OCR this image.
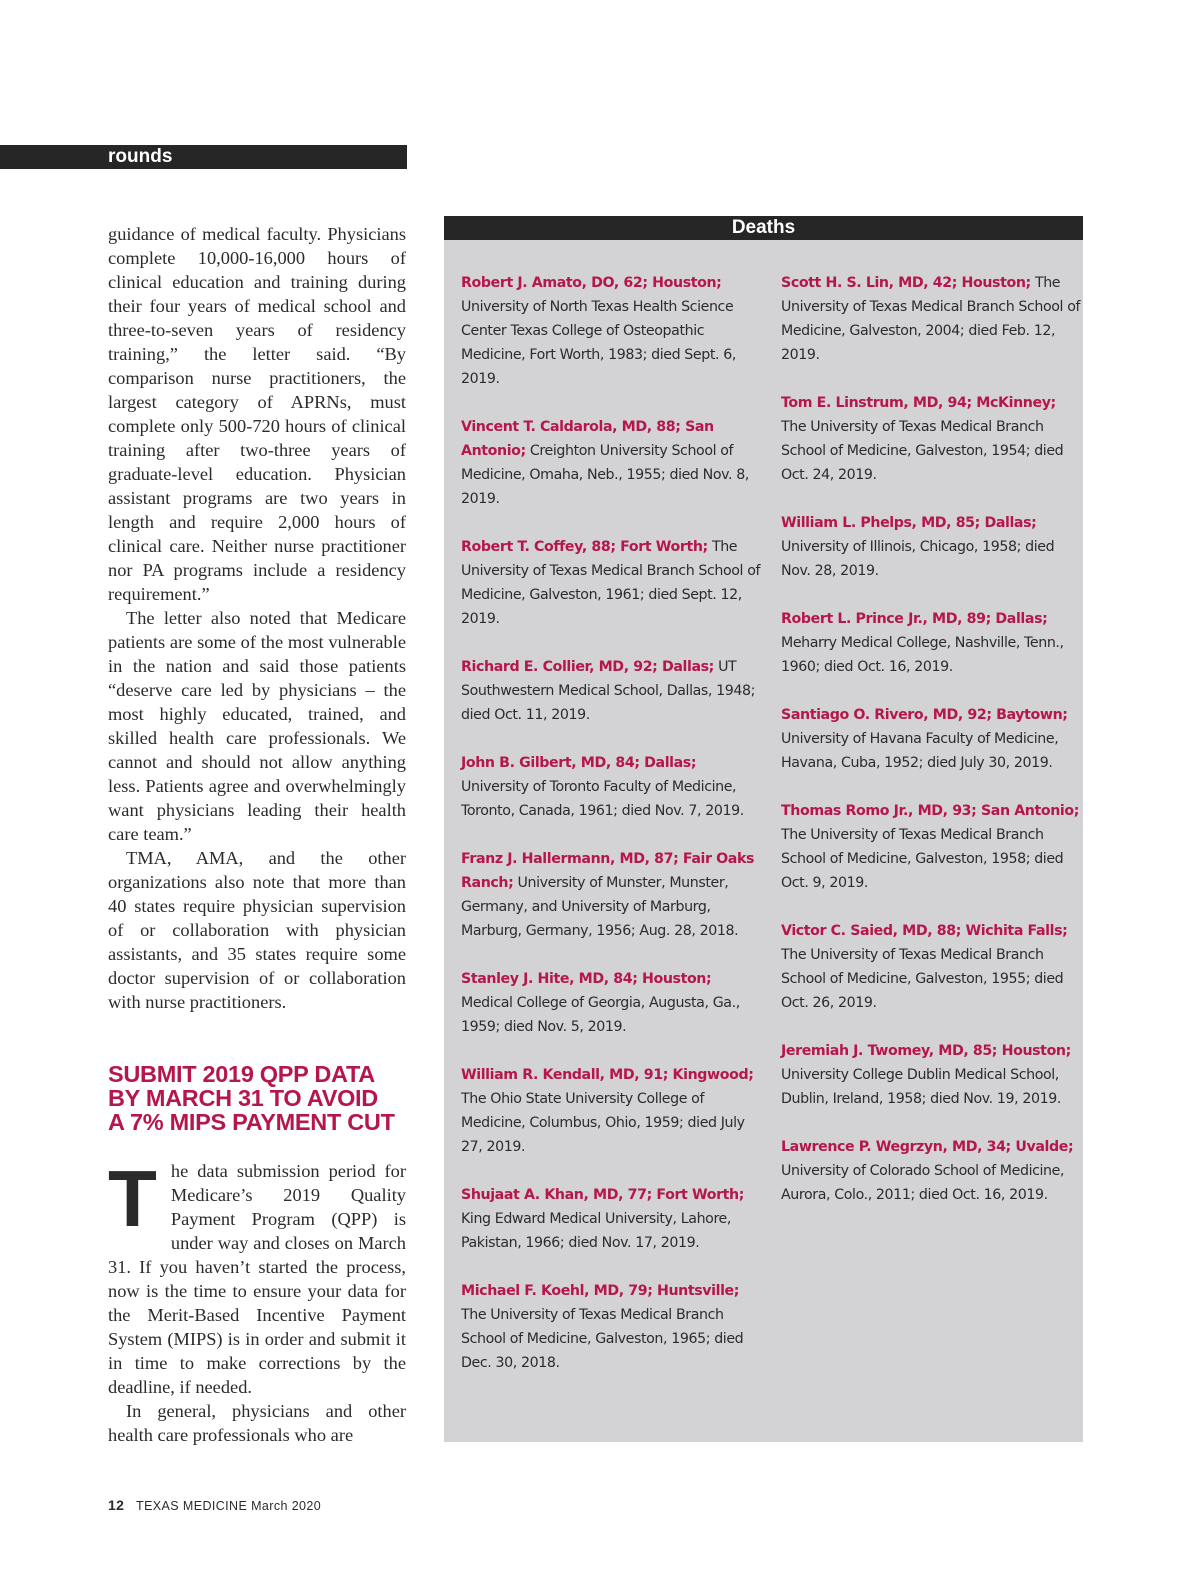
rounds

guidance of medical faculty. Physicians complete 10,000-16,000 hours of clinical education and training during their four years of medical school and three-to-seven years of residency training,” the letter said. “By comparison nurse practitioners, the largest category of APRNs, must complete only 500-720 hours of clinical training after two-three years of graduate-level education. Physician assistant programs are two years in length and require 2,000 hours of clinical care. Neither nurse practitioner nor PA programs include a residency requirement.”

The letter also noted that Medicare patients are some of the most vulnerable in the nation and said those patients “deserve care led by physicians – the most highly educated, trained, and skilled health care professionals. We cannot and should not allow anything less. Patients agree and overwhelmingly want physicians leading their health care team.”

TMA, AMA, and the other organizations also note that more than 40 states require physician supervision of or collaboration with physician assistants, and 35 states require some doctor supervision of or collaboration with nurse practitioners.

SUBMIT 2019 QPP DATA
BY MARCH 31 TO AVOID
A 7% MIPS PAYMENT CUT

The data submission period for Medicare’s 2019 Quality Payment Program (QPP) is under way and closes on March 31. If you haven’t started the process, now is the time to ensure your data for the Merit-Based Incentive Payment System (MIPS) is in order and submit it in time to make corrections by the deadline, if needed.

In general, physicians and other health care professionals who are

Deaths
Robert J. Amato, DO, 62; Houston; University of North Texas Health Science Center Texas College of Osteopathic Medicine, Fort Worth, 1983; died Sept. 6, 2019.
Vincent T. Caldarola, MD, 88; San Antonio; Creighton University School of Medicine, Omaha, Neb., 1955; died Nov. 8, 2019.
Robert T. Coffey, 88; Fort Worth; The University of Texas Medical Branch School of Medicine, Galveston, 1961; died Sept. 12, 2019.
Richard E. Collier, MD, 92; Dallas; UT Southwestern Medical School, Dallas, 1948; died Oct. 11, 2019.
John B. Gilbert, MD, 84; Dallas; University of Toronto Faculty of Medicine, Toronto, Canada, 1961; died Nov. 7, 2019.
Franz J. Hallermann, MD, 87; Fair Oaks Ranch; University of Munster, Munster, Germany, and University of Marburg, Marburg, Germany, 1956; Aug. 28, 2018.
Stanley J. Hite, MD, 84; Houston; Medical College of Georgia, Augusta, Ga., 1959; died Nov. 5, 2019.
William R. Kendall, MD, 91; Kingwood; The Ohio State University College of Medicine, Columbus, Ohio, 1959; died July 27, 2019.
Shujaat A. Khan, MD, 77; Fort Worth; King Edward Medical University, Lahore, Pakistan, 1966; died Nov. 17, 2019.
Michael F. Koehl, MD, 79; Huntsville; The University of Texas Medical Branch School of Medicine, Galveston, 1965; died Dec. 30, 2018.
Scott H. S. Lin, MD, 42; Houston; The University of Texas Medical Branch School of Medicine, Galveston, 2004; died Feb. 12, 2019.
Tom E. Linstrum, MD, 94; McKinney; The University of Texas Medical Branch School of Medicine, Galveston, 1954; died Oct. 24, 2019.
William L. Phelps, MD, 85; Dallas; University of Illinois, Chicago, 1958; died Nov. 28, 2019.
Robert L. Prince Jr., MD, 89; Dallas; Meharry Medical College, Nashville, Tenn., 1960; died Oct. 16, 2019.
Santiago O. Rivero, MD, 92; Baytown; University of Havana Faculty of Medicine, Havana, Cuba, 1952; died July 30, 2019.
Thomas Romo Jr., MD, 93; San Antonio; The University of Texas Medical Branch School of Medicine, Galveston, 1958; died Oct. 9, 2019.
Victor C. Saied, MD, 88; Wichita Falls; The University of Texas Medical Branch School of Medicine, Galveston, 1955; died Oct. 26, 2019.
Jeremiah J. Twomey, MD, 85; Houston; University College Dublin Medical School, Dublin, Ireland, 1958; died Nov. 19, 2019.
Lawrence P. Wegrzyn, MD, 34; Uvalde; University of Colorado School of Medicine, Aurora, Colo., 2011; died Oct. 16, 2019.
12 TEXAS MEDICINE March 2020
